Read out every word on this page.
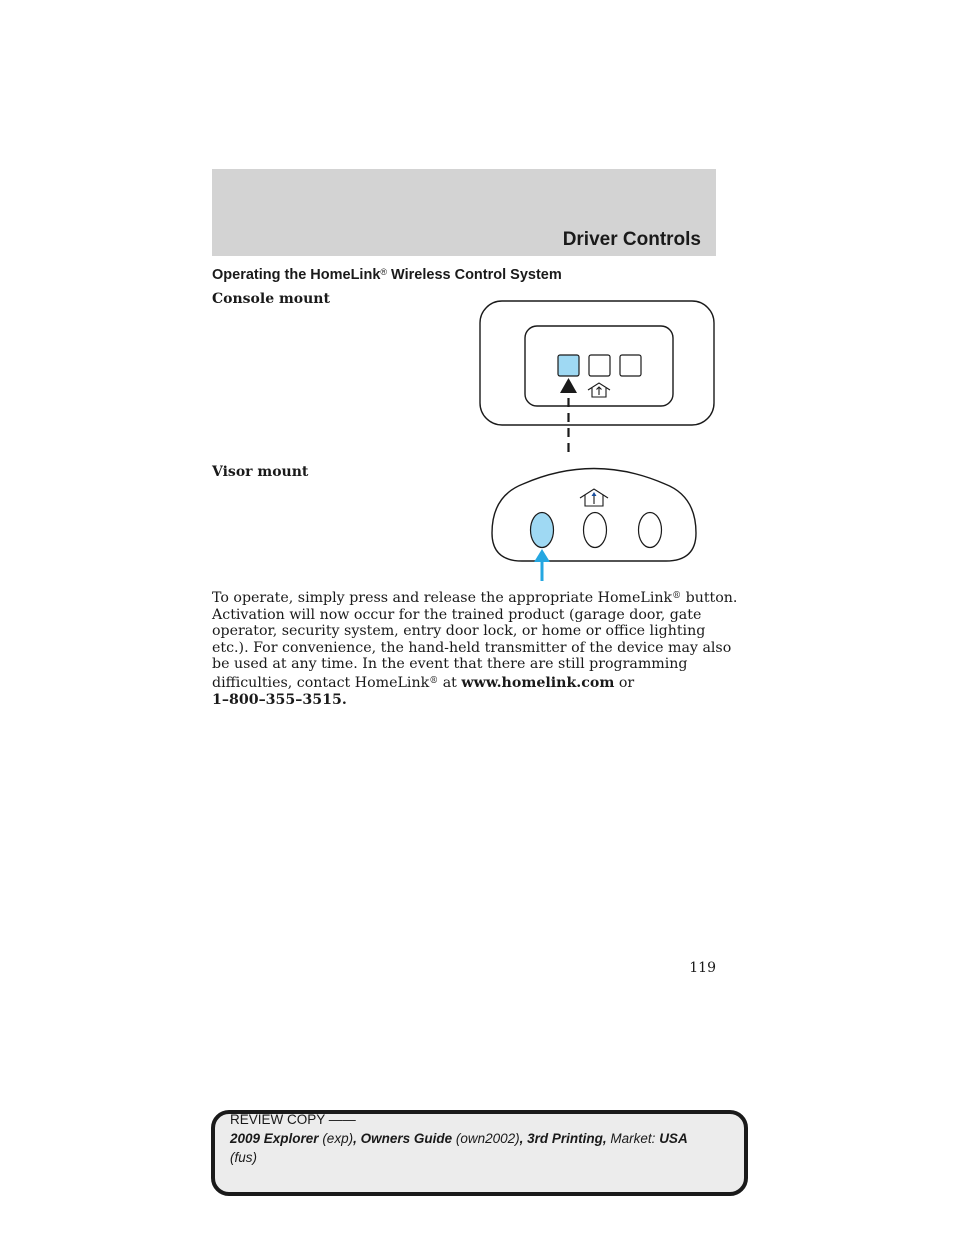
Driver Controls
Operating the HomeLink® Wireless Control System
Console mount
Visor mount
To operate, simply press and release the appropriate HomeLink® button.
Activation will now occur for the trained product (garage door, gate
operator, security system, entry door lock, or home or office lighting
etc.). For convenience, the hand-held transmitter of the device may also
be used at any time. In the event that there are still programming
difficulties, contact HomeLink® at www.homelink.com or
1–800–355–3515.
119
REVIEW COPY ——
2009 Explorer (exp), Owners Guide (own2002), 3rd Printing, Market: USA
(fus)
